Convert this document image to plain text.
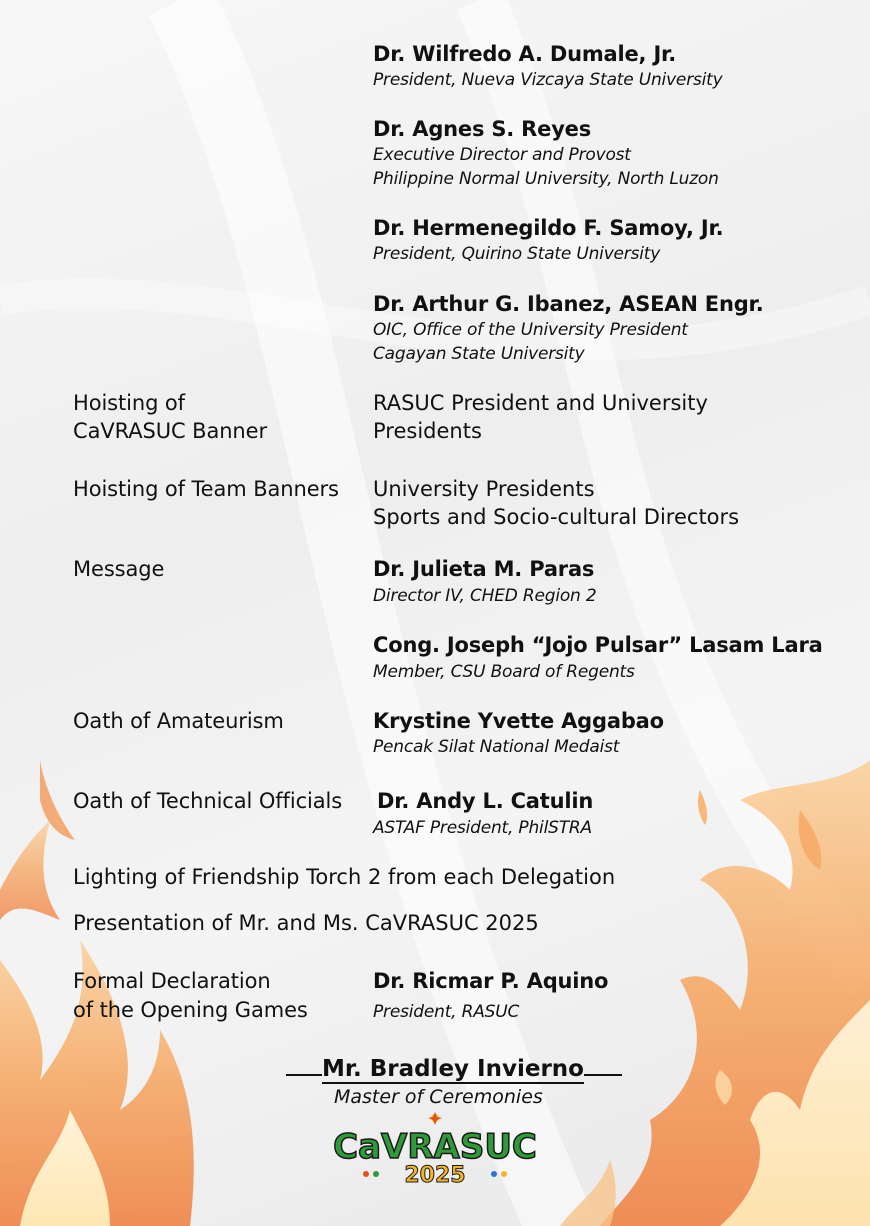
Dr. Wilfredo A. Dumale, Jr.
President, Nueva Vizcaya State University
Dr. Agnes S. Reyes
Executive Director and Provost
Philippine Normal University, North Luzon
Dr. Hermenegildo F. Samoy, Jr.
President, Quirino State University
Dr. Arthur G. Ibanez, ASEAN Engr.
OIC, Office of the University President
Cagayan State University
Hoisting of
CaVRASUC Banner
RASUC President and University
Presidents
Hoisting of Team Banners University Presidents
Sports and Socio-cultural Directors
Message	Dr. Julieta M. Paras
Director IV, CHED Region 2
Cong. Joseph “Jojo Pulsar” Lasam Lara
Member, CSU Board of Regents
Oath of Amateurism	Krystine Yvette Aggabao
Pencak Silat National Medaist
Oath of Technical Officials Dr. Andy L. Catulin
ASTAF President, PhilSTRA
Lighting of Friendship Torch 2 from each Delegation
Presentation of Mr. and Ms. CaVRASUC 2025
Formal Declaration
of the Opening Games
Dr. Ricmar P. Aquino
President, RASUC
Mr. Bradley Invierno
Master of Ceremonies
CaVRASUC
2025
